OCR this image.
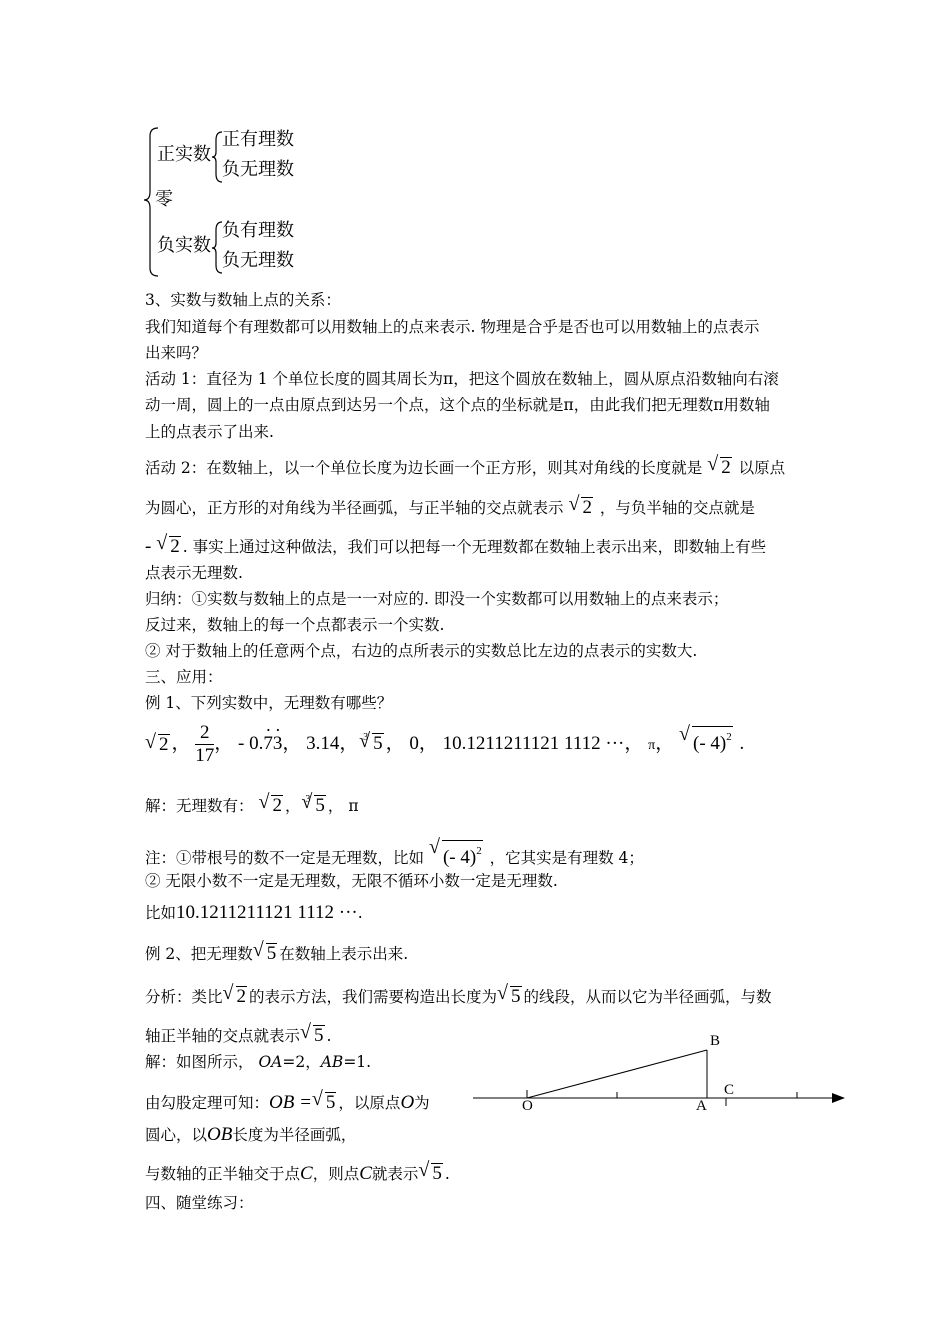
正实数
正有理数
负无理数
零
负实数
负有理数
负无理数
3、实数与数轴上点的关系：
我们知道每个有理数都可以用数轴上的点来表示. 物理是合乎是否也可以用数轴上的点表示
出来吗？
活动 1：直径为 1 个单位长度的圆其周长为π，把这个圆放在数轴上，圆从原点沿数轴向右滚
动一周，圆上的一点由原点到达另一个点，这个点的坐标就是π，由此我们把无理数π用数轴
上的点表示了出来.
活动 2：在数轴上，以一个单位长度为边长画一个正方形，则其对角线的长度就是 √ 2 以原点
为圆心，正方形的对角线为半径画弧，与正半轴的交点就表示 √ 2 ，与负半轴的交点就是
- √ 2 . 事实上通过这种做法，我们可以把每一个无理数都在数轴上表示出来，即数轴上有些
点表示无理数.
归纳：①实数与数轴上的点是一一对应的. 即没一个实数都可以用数轴上的点来表示；
反过来，数轴上的每一个点都表示一个实数.
② 对于数轴上的任意两个点，右边的点所表示的实数总比左边的点表示的实数大.
三、应用：
例 1、下列实数中，无理数有哪些？
√ 2 ， $\frac{2}{17}$ ， - 0.7 ·3 ·， 3.14， $^3$ √ 5 ， 0， 10.1211211121 1112 ···， π， √ (- 4)$^2$ .
解：无理数有： √ 2 ， $^3$ √ 5 ， π
注：①带根号的数不一定是无理数，比如 √ (- 4)$^2$ ，它其实是有理数 4；
② 无限小数不一定是无理数，无限不循环小数一定是无理数.
比如10.1211211121 1112 ···.
例 2、把无理数 √ 5 在数轴上表示出来.
分析：类比 √ 2 的表示方法，我们需要构造出长度为 √ 5 的线段，从而以它为半径画弧，与数
轴正半轴的交点就表示 √ 5 .
解：如图所示， OA=2，AB=1.
由勾股定理可知：OB = √ 5 ，以原点O为
圆心，以OB长度为半径画弧，
与数轴的正半轴交于点C，则点C就表示 √ 5 .
四、随堂练习：
B
C
O	A
